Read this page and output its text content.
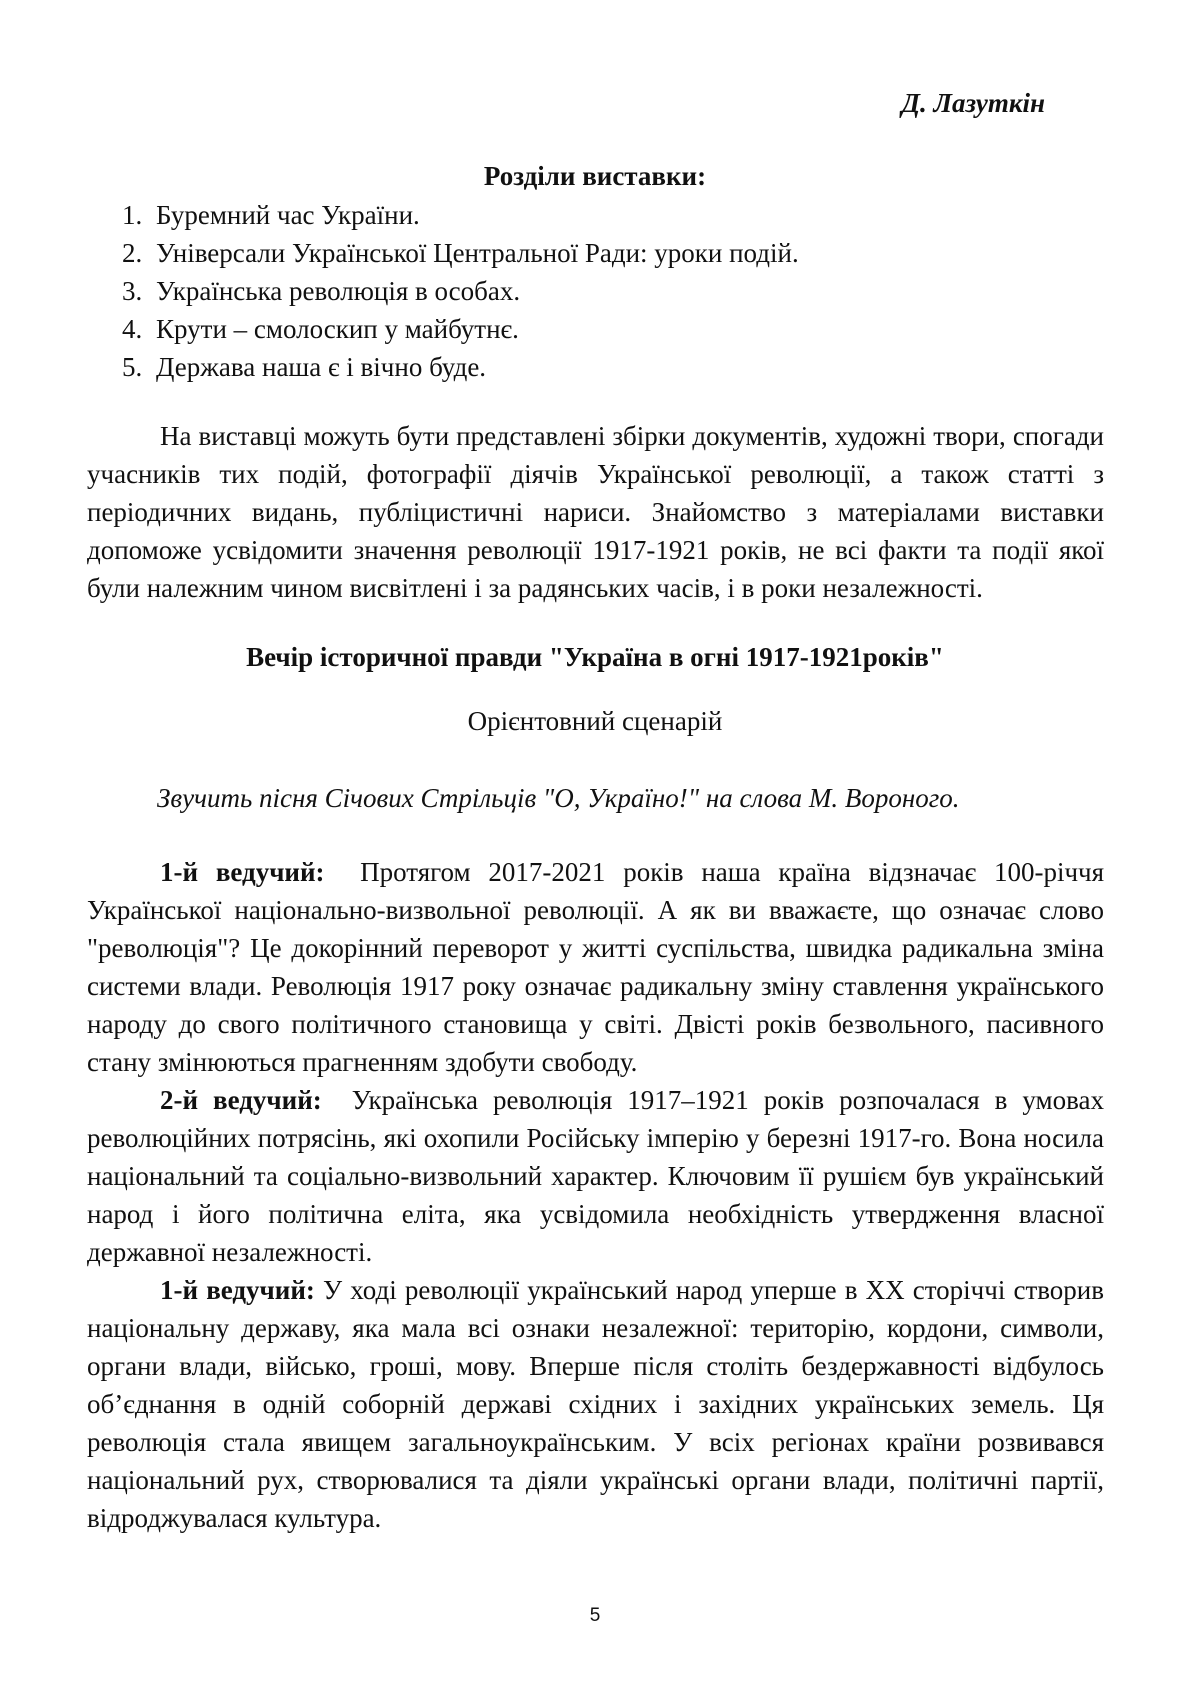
Д. Лазуткін
Розділи виставки:
1. Буремний час України.
2. Універсали Української Центральної Ради: уроки подій.
3. Українська революція в особах.
4. Крути – смолоскип у майбутнє.
5. Держава наша є і вічно буде.

На виставці можуть бути представлені збірки документів, художні твори, спогади учасників тих подій, фотографії діячів Української революції, а також статті з періодичних видань, публіцистичні нариси. Знайомство з матеріалами виставки допоможе усвідомити значення революції 1917-1921 років, не всі факти та події якої були належним чином висвітлені і за радянських часів, і в роки незалежності.

Вечір історичної правди "Україна в огні 1917-1921років"
Орієнтовний сценарій
Звучить пісня Січових Стрільців "О, Україно!" на слова М. Вороного.

1-й ведучий: Протягом 2017-2021 років наша країна відзначає 100-річчя Української національно-визвольної революції. А як ви вважаєте, що означає слово "революція"? Це докорінний переворот у житті суспільства, швидка радикальна зміна системи влади. Революція 1917 року означає радикальну зміну ставлення українського народу до свого політичного становища у світі. Двісті років безвольного, пасивного стану змінюються прагненням здобути свободу.

2-й ведучий: Українська революція 1917–1921 років розпочалася в умовах революційних потрясінь, які охопили Російську імперію у березні 1917-го. Вона носила національний та соціально-визвольний характер. Ключовим її рушієм був український народ і його політична еліта, яка усвідомила необхідність утвердження власної державної незалежності.

1-й ведучий: У ході революції український народ уперше в ХХ сторіччі створив національну державу, яка мала всі ознаки незалежної: територію, кордони, символи, органи влади, військо, гроші, мову. Вперше після століть бездержавності відбулось об’єднання в одній соборній державі східних і західних українських земель. Ця революція стала явищем загальноукраїнським. У всіх регіонах країни розвивався національний рух, створювалися та діяли українські органи влади, політичні партії, відроджувалася культура.

5
